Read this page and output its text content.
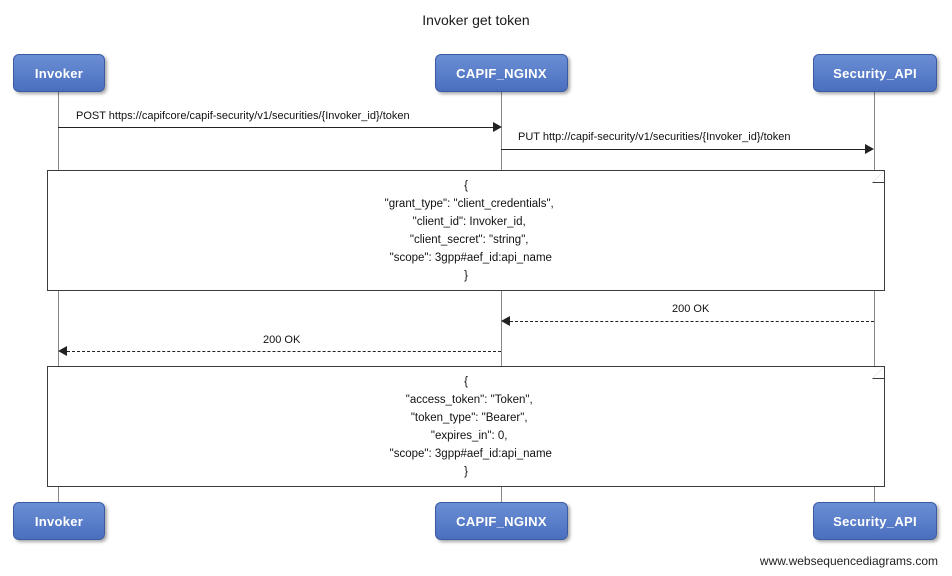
Invoker get token
Invoker	CAPIF_NGINX	Security_API
POST https://capifcore/capif-security/v1/securities/{Invoker_id}/token
PUT http://capif-security/v1/securities/{Invoker_id}/token
{
"grant_type": "client_credentials",
"client_id": Invoker_id,
"client_secret": "string",
"scope": 3gpp#aef_id:api_name
}
200 OK
200 OK
{
"access_token": "Token",
"token_type": "Bearer",
"expires_in": 0,
"scope": 3gpp#aef_id:api_name
}
Invoker	CAPIF_NGINX	Security_API
www.websequencediagrams.com
